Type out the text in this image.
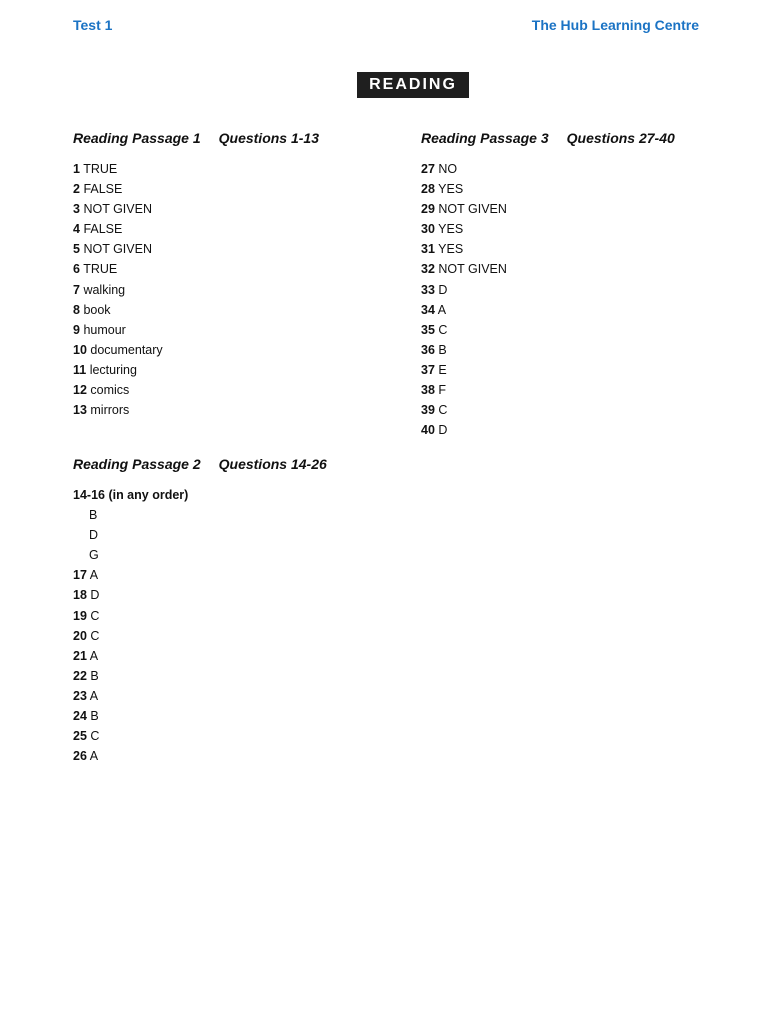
Test 1	The Hub Learning Centre
READING
Reading Passage 1 Questions 1-13
1 TRUE
2 FALSE
3 NOT GIVEN
4 FALSE
5 NOT GIVEN
6 TRUE
7 walking
8 book
9 humour
10 documentary
11 lecturing
12 comics
13 mirrors
Reading Passage 3 Questions 27-40
27 NO
28 YES
29 NOT GIVEN
30 YES
31 YES
32 NOT GIVEN
33 D
34 A
35 C
36 B
37 E
38 F
39 C
40 D
Reading Passage 2 Questions 14-26
14-16 (in any order)
B
D
G
17 A
18 D
19 C
20 C
21 A
22 B
23 A
24 B
25 C
26 A
